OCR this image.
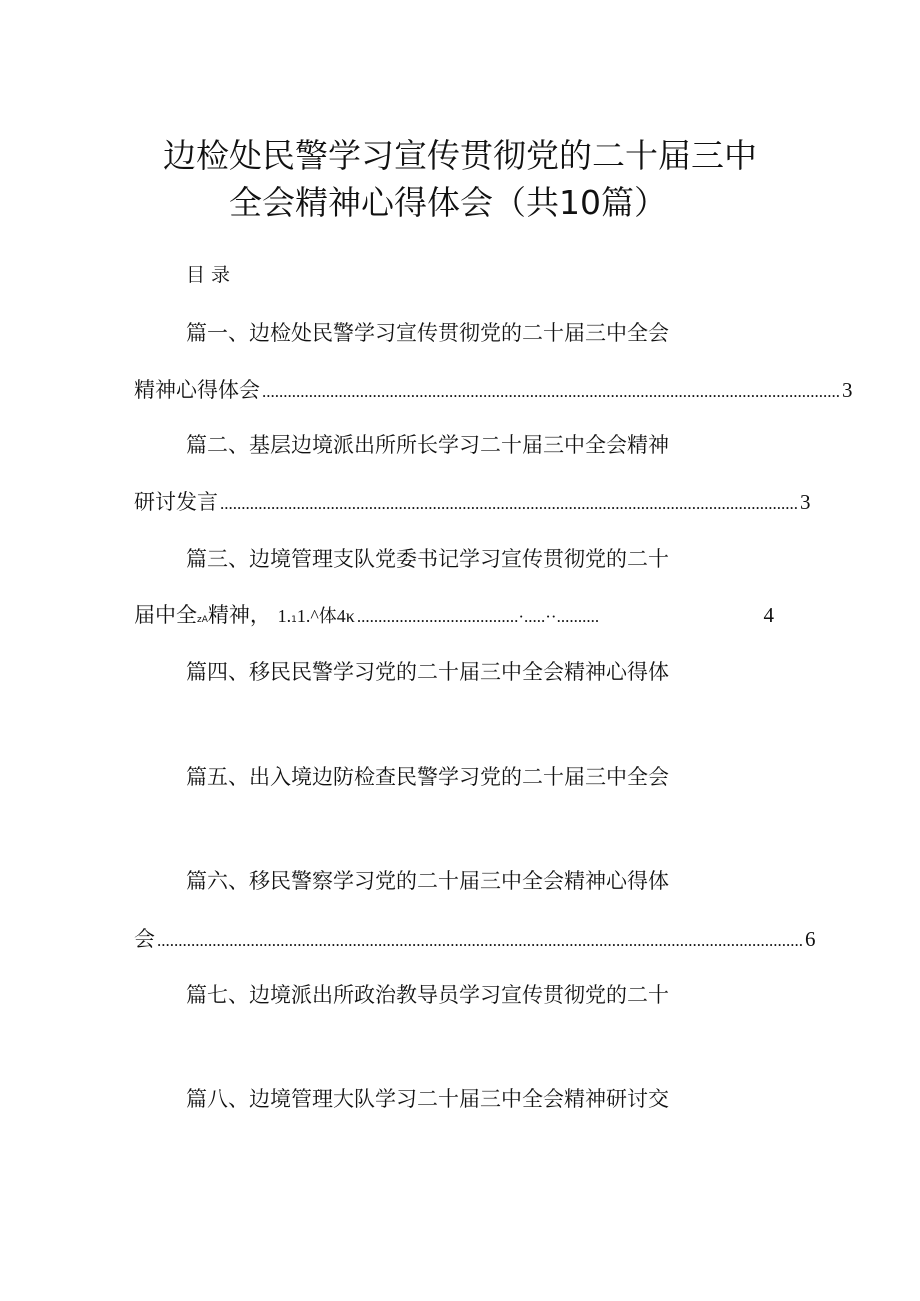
边检处民警学习宣传贯彻党的二十届三中
全会精神心得体会（共10篇）
目录
篇一、边检处民警学习宣传贯彻党的二十届三中全会
精神心得体会 ........................................................................................................................................ 3
篇二、基层边境派出所所长学习二十届三中全会精神
研讨发言 ........................................................................................................................................ 3
篇三、边境管理支队党委书记学习宣传贯彻党的二十
届中全zA精神， 1.11.^体4κ ......................................·.....··..........	4
篇四、移民民警学习党的二十届三中全会精神心得体
篇五、出入境边防检查民警学习党的二十届三中全会
篇六、移民警察学习党的二十届三中全会精神心得体
会 ........................................................................................................................................................ 6
篇七、边境派出所政治教导员学习宣传贯彻党的二十
篇八、边境管理大队学习二十届三中全会精神研讨交
